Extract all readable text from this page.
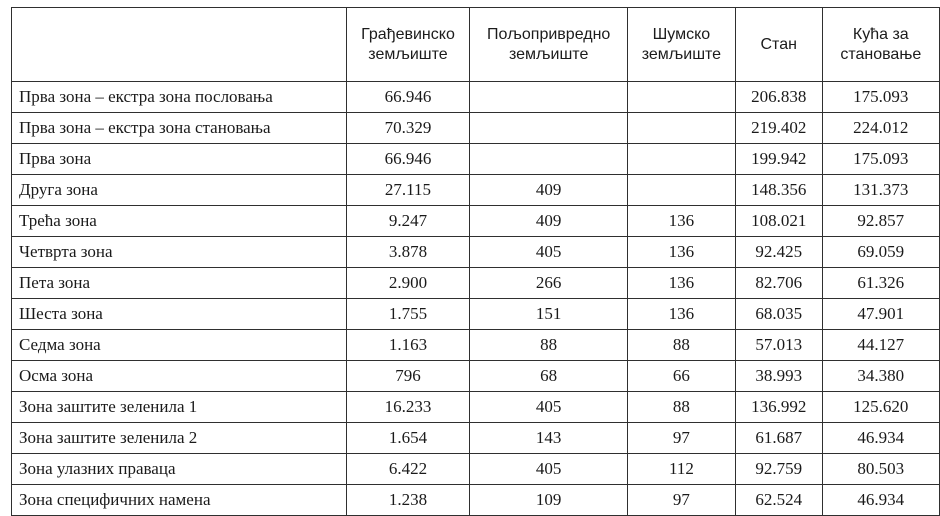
	Грађевинско
земљиште	Пољопривредно
земљиште	Шумско
земљиште	Стан	Кућа за
становање
Прва зона – екстра зона пословања	66.946			206.838	175.093
Прва зона – екстра зона становања	70.329			219.402	224.012
Прва зона	66.946			199.942	175.093
Друга зона	27.115	409		148.356	131.373
Трећа зона	9.247	409	136	108.021	92.857
Четврта зона	3.878	405	136	92.425	69.059
Пета зона	2.900	266	136	82.706	61.326
Шеста зона	1.755	151	136	68.035	47.901
Седма зона	1.163	88	88	57.013	44.127
Осма зона	796	68	66	38.993	34.380
Зона заштите зеленила 1	16.233	405	88	136.992	125.620
Зона заштите зеленила 2	1.654	143	97	61.687	46.934
Зона улазних праваца	6.422	405	112	92.759	80.503
Зона специфичних намена	1.238	109	97	62.524	46.934
